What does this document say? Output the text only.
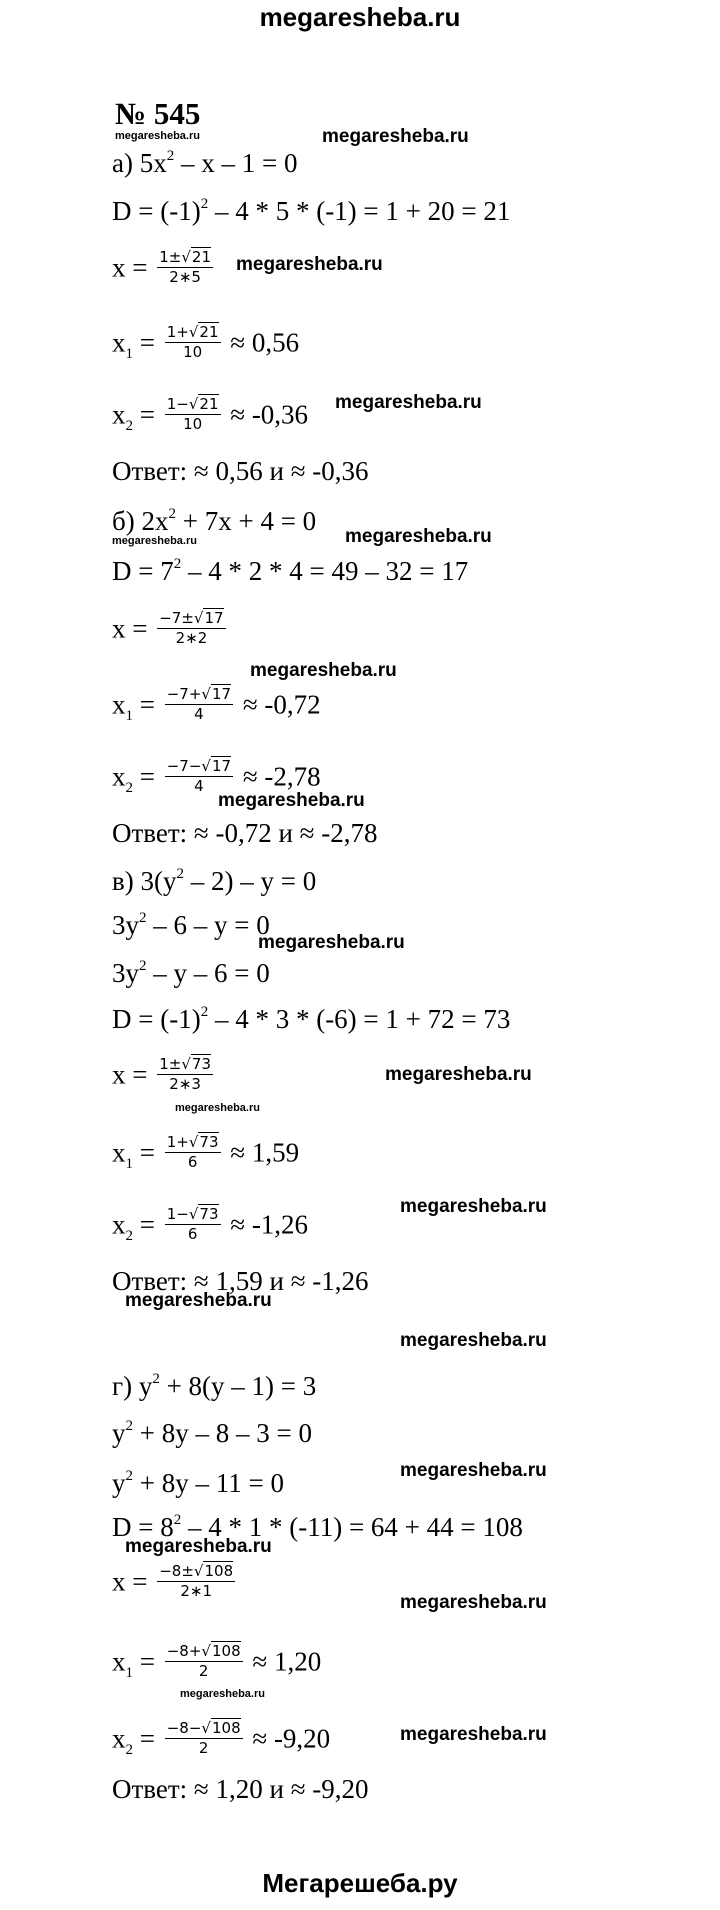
megaresheba.ru
№ 545
megaresheba.ru	megaresheba.ru
а) $5x^2 - x - 1 = 0$
$D = (-1)^2 - 4 * 5 * (-1) = 1 + 20 = 21$
$x = \frac{1\pm√21}{2∗5}$ megaresheba.ru
$x_1 = \frac{1+√21}{10} \approx 0,56$
$x_2 = \frac{1-√21}{10} \approx -0,36$ megaresheba.ru
Ответ: ≈ 0,56 и ≈ -0,36
б) $2x^2 + 7x + 4 = 0$
megaresheba.ru	megaresheba.ru
$D = 7^2 - 4 * 2 * 4 = 49 - 32 = 17$
$x = \frac{-7\pm√17}{2∗2}$
megaresheba.ru
$x_1 = \frac{-7+√17}{4} \approx -0,72$
$x_2 = \frac{-7-√17}{4} \approx -2,78$
megaresheba.ru
Ответ: ≈ -0,72 и ≈ -2,78
в) $3(y^2 - 2) - y = 0$
$3y^2 - 6 - y = 0$
megaresheba.ru
$3y^2 - y - 6 = 0$
$D = (-1)^2 - 4 * 3 * (-6) = 1 + 72 = 73$
$x = \frac{1\pm√73}{2∗3}$	megaresheba.ru
megaresheba.ru
$x_1 = \frac{1+√73}{6} \approx 1,59$
$x_2 = \frac{1-√73}{6} \approx -1,26$
megaresheba.ru
Ответ: ≈ 1,59 и ≈ -1,26
megaresheba.ru
megaresheba.ru
г) $y^2 + 8(y - 1) = 3$
$y^2 + 8y - 8 - 3 = 0$
$y^2 + 8y - 11 = 0$	megaresheba.ru
$D = 8^2 - 4 * 1 * (-11) = 64 + 44 = 108$
megaresheba.ru
$x = \frac{-8\pm√108}{2∗1}$
megaresheba.ru
$x_1 = \frac{-8+√108}{2} \approx 1,20$
megaresheba.ru
$x_2 = \frac{-8-√108}{2} \approx -9,20$	megaresheba.ru
Ответ: ≈ 1,20 и ≈ -9,20
Мегарешеба.ру
